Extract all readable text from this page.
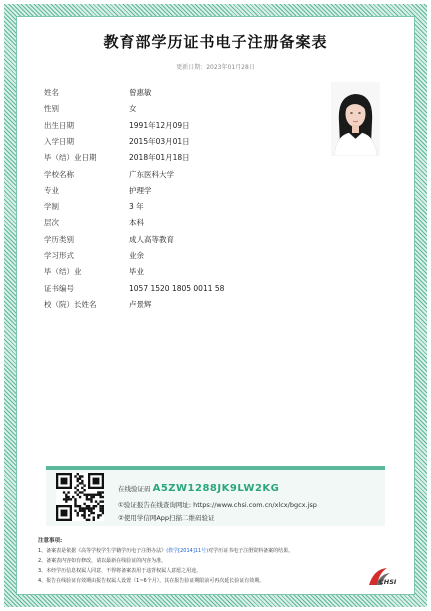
教育部学历证书电子注册备案表
更新日期：2023年01月28日
姓名	曾惠敏
性别	女
出生日期	1991年12月09日
入学日期	2015年03月01日
毕（结）业日期	2018年01月18日
学校名称	广东医科大学
专业	护理学
学制	3 年
层次	本科
学历类别	成人高等教育
学习形式	业余
毕（结）业	毕业
证书编号	1057 1520 1805 0011 58
校（院）长姓名	卢景辉
在线验证码 A5ZW1288JK9LW2KG
①验证报告在线查询网址: https://www.chsi.com.cn/xlcx/bgcx.jsp
②使用学信网App扫描二维码验证
注意事项:
1、备案表是依据《高等学校学生学籍学历电子注册办法》(教学[2014]11号)对学历证书电子注册资料备案的结果。
2、备案表内容如有修改，请以最新在线验证的内容为准。
3、本经学历信息权属人同意，不得将备案表用于违背权属人意愿之用途。
4、报告在线验证有效期由报告权属人设置（1~6个月），其在报告验证期限前可再次延长验证有效期。	CHSI
